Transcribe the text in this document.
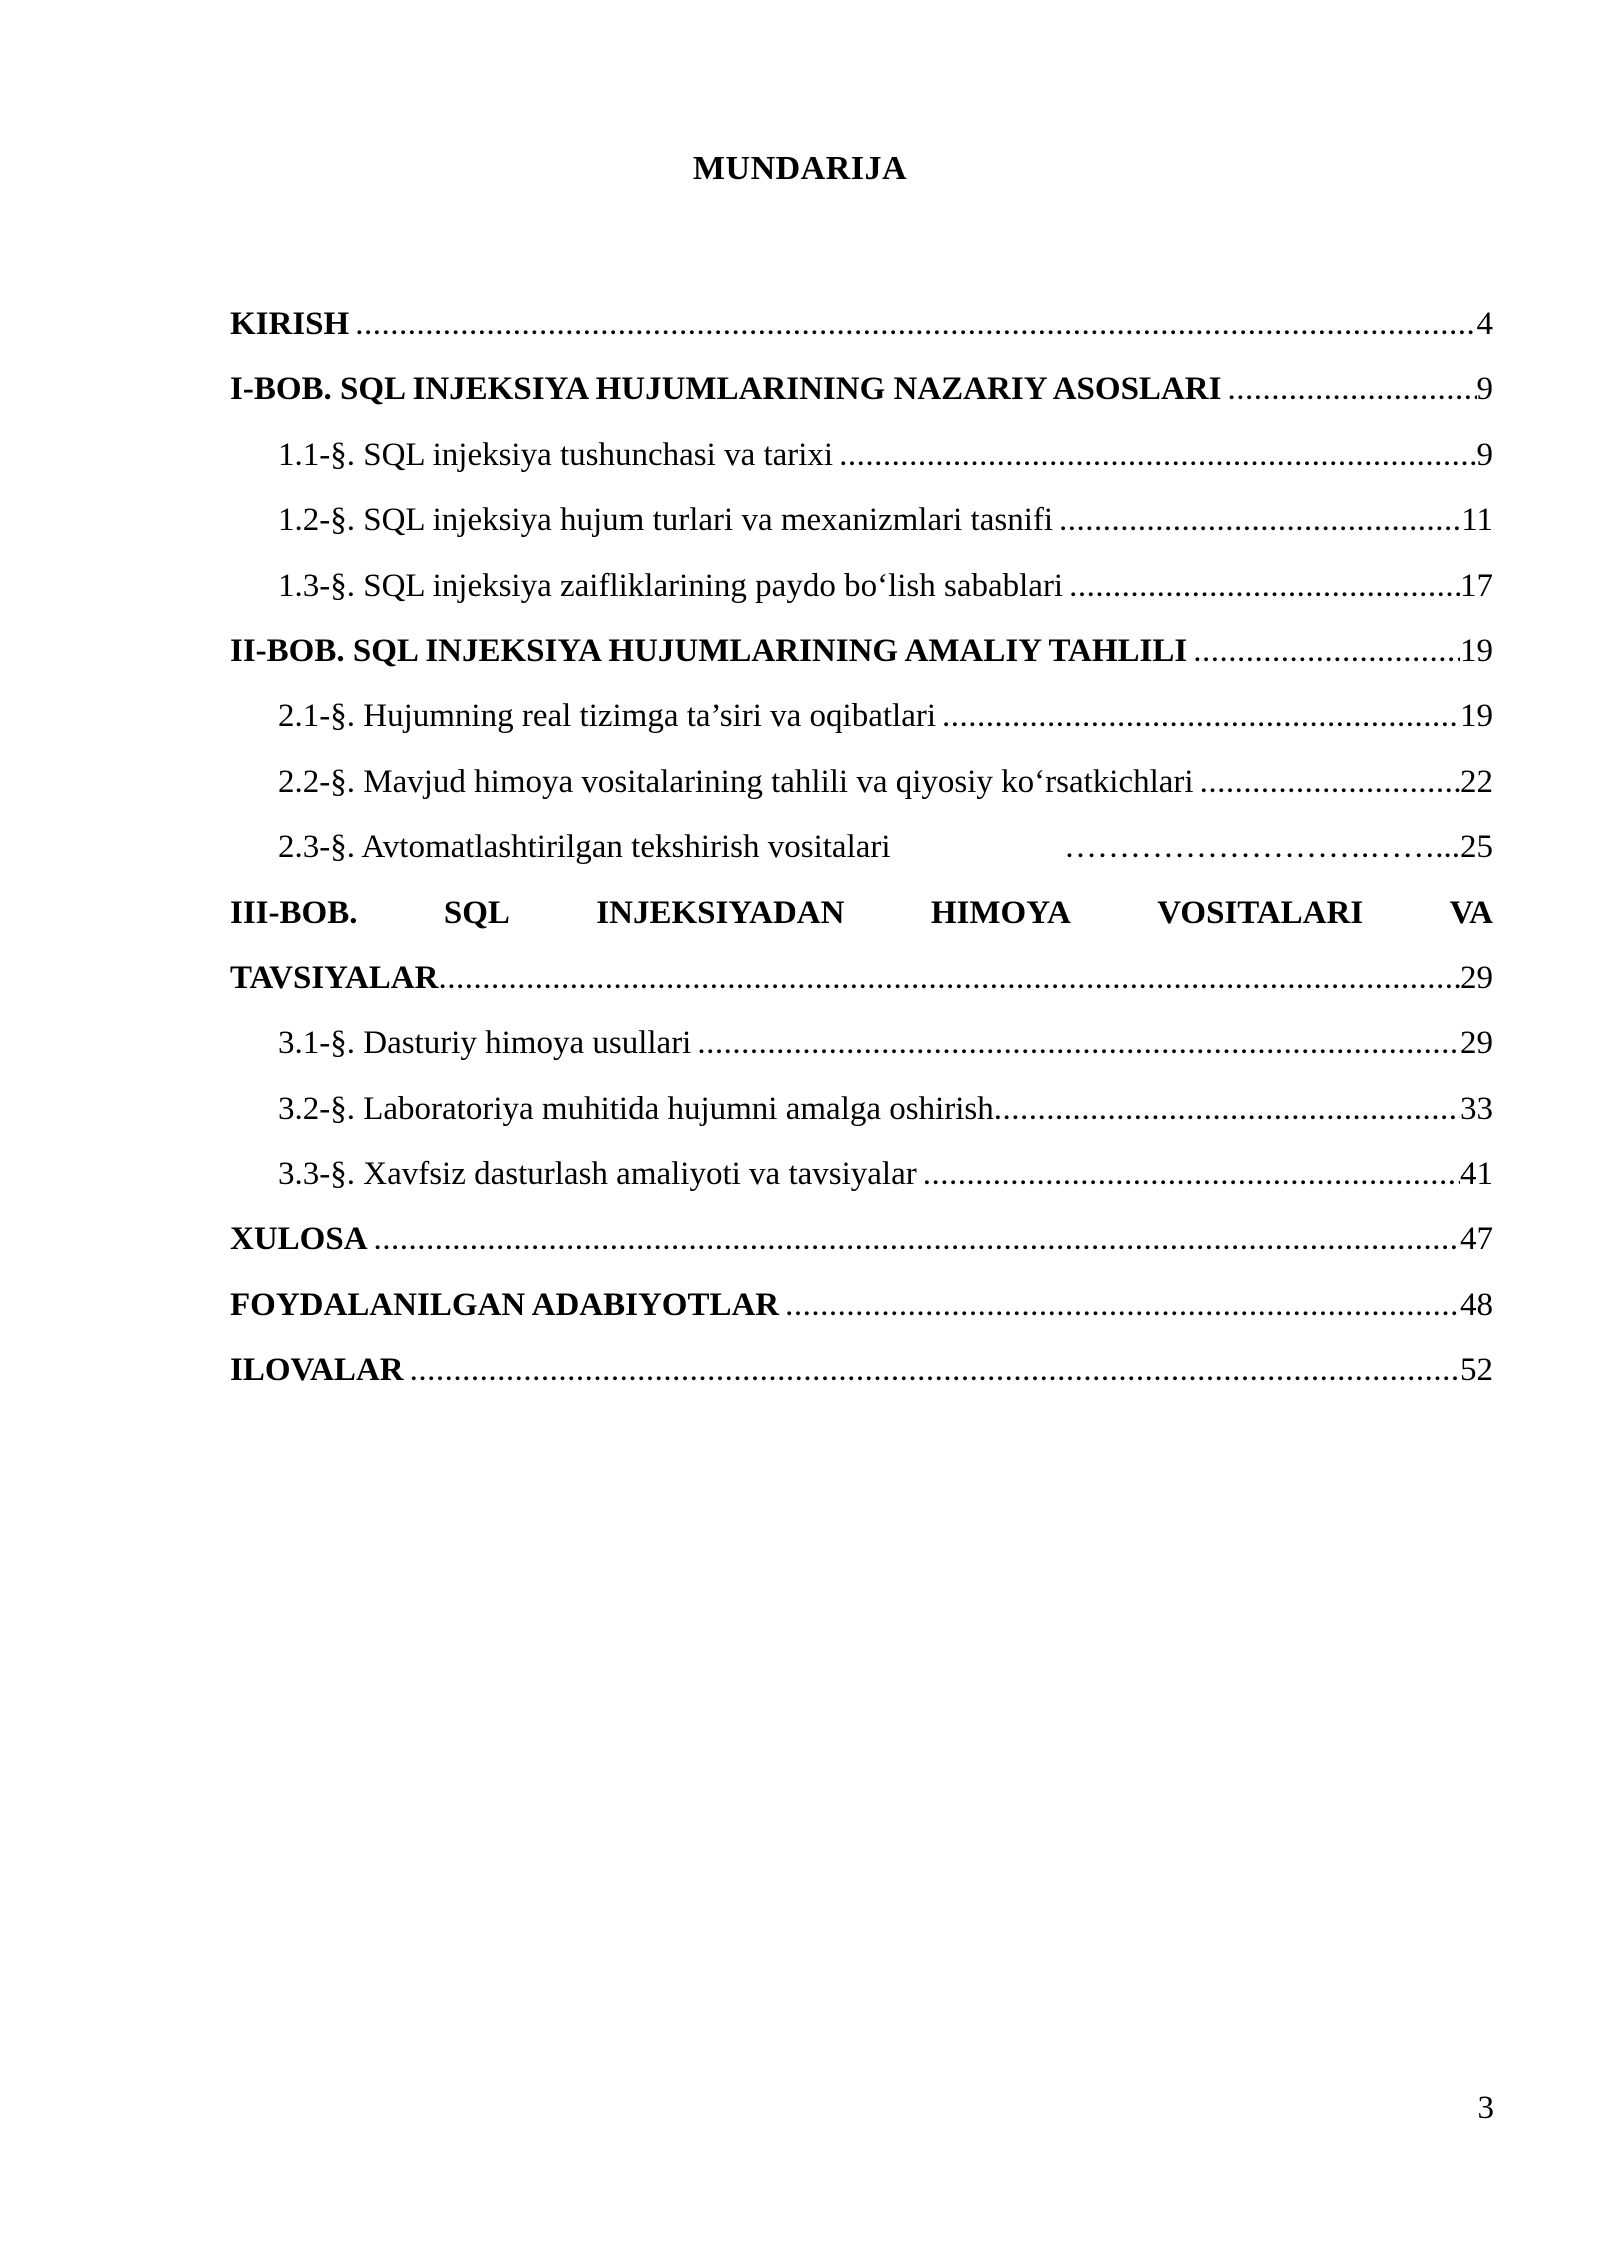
MUNDARIJA
KIRISH .....	4
I-BOB. SQL INJEKSIYA HUJUMLARINING NAZARIY ASOSLARI .....	9
1.1-§. SQL injeksiya tushunchasi va tarixi .....	9
1.2-§. SQL injeksiya hujum turlari va mexanizmlari tasnifi .....	11
1.3-§. SQL injeksiya zaifliklarining paydo bo‘lish sabablari .....	17
II-BOB. SQL INJEKSIYA HUJUMLARINING AMALIY TAHLILI .....	19
2.1-§. Hujumning real tizimga ta’siri va oqibatlari .....	19
2.2-§. Mavjud himoya vositalarining tahlili va qiyosiy ko‘rsatkichlari .....	22
2.3-§. Avtomatlashtirilgan tekshirish vositalari	……………………….……... 25
III-BOB.	SQL	INJEKSIYADAN	HIMOYA	VOSITALARI	VA
TAVSIYALAR .....	29
3.1-§. Dasturiy himoya usullari .....	29
3.2-§. Laboratoriya muhitida hujumni amalga oshirish .....	33
3.3-§. Xavfsiz dasturlash amaliyoti va tavsiyalar .....	41
XULOSA .....	47
FOYDALANILGAN ADABIYOTLAR .....	48
ILOVALAR .....	52
3
